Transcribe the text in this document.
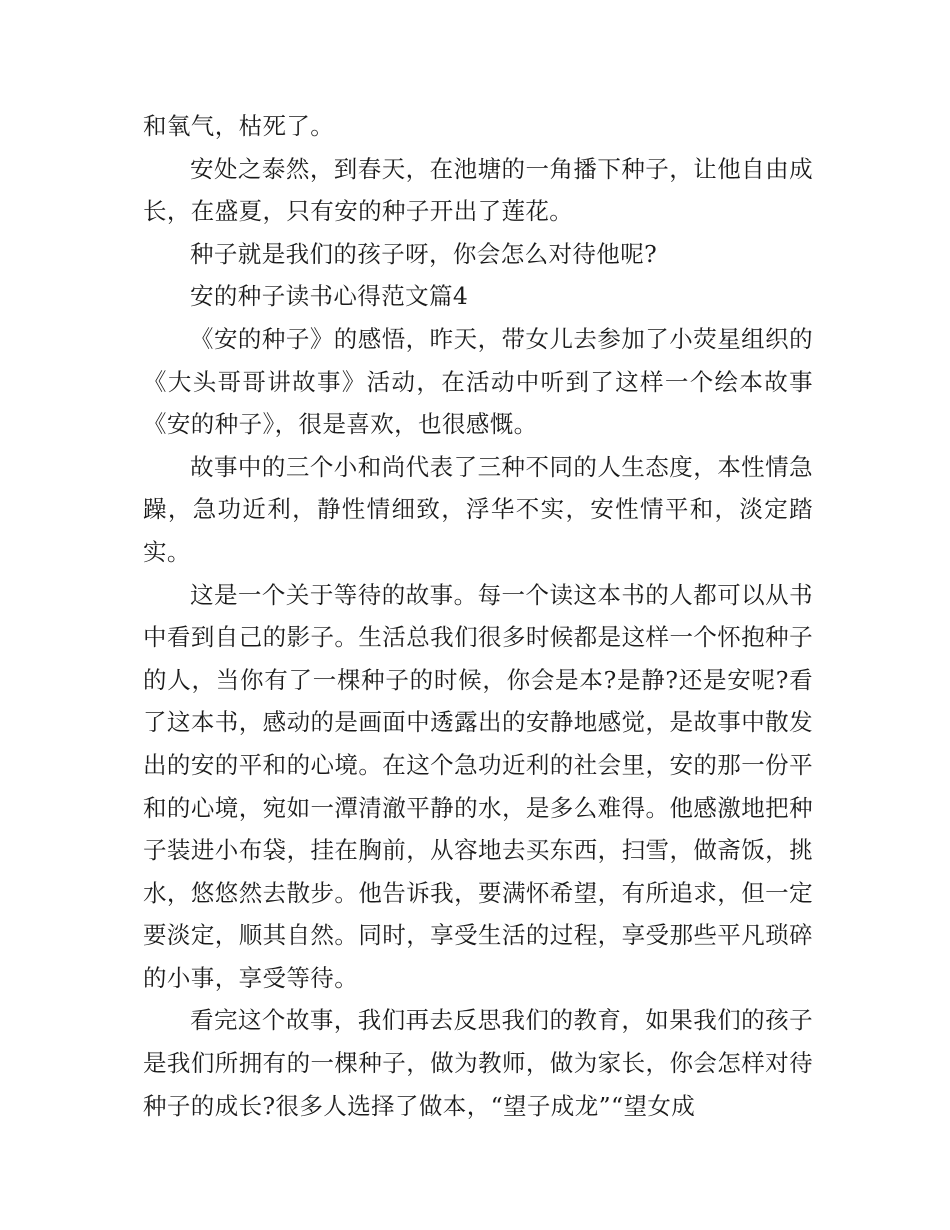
和氧气，枯死了。

安处之泰然，到春天，在池塘的一角播下种子，让他自由成长，在盛夏，只有安的种子开出了莲花。

种子就是我们的孩子呀，你会怎么对待他呢?

安的种子读书心得范文篇4

《安的种子》的感悟，昨天，带女儿去参加了小荧星组织的《大头哥哥讲故事》活动，在活动中听到了这样一个绘本故事《安的种子》，很是喜欢，也很感慨。

故事中的三个小和尚代表了三种不同的人生态度，本性情急躁，急功近利，静性情细致，浮华不实，安性情平和，淡定踏实。

这是一个关于等待的故事。每一个读这本书的人都可以从书中看到自己的影子。生活总我们很多时候都是这样一个怀抱种子的人，当你有了一棵种子的时候，你会是本?是静?还是安呢?看了这本书，感动的是画面中透露出的安静地感觉，是故事中散发出的安的平和的心境。在这个急功近利的社会里，安的那一份平和的心境，宛如一潭清澈平静的水，是多么难得。他感激地把种子装进小布袋，挂在胸前，从容地去买东西，扫雪，做斋饭，挑水，悠悠然去散步。他告诉我，要满怀希望，有所追求，但一定要淡定，顺其自然。同时，享受生活的过程，享受那些平凡琐碎的小事，享受等待。

看完这个故事，我们再去反思我们的教育，如果我们的孩子是我们所拥有的一棵种子，做为教师，做为家长，你会怎样对待种子的成长?很多人选择了做本，“望子成龙”“望女成
